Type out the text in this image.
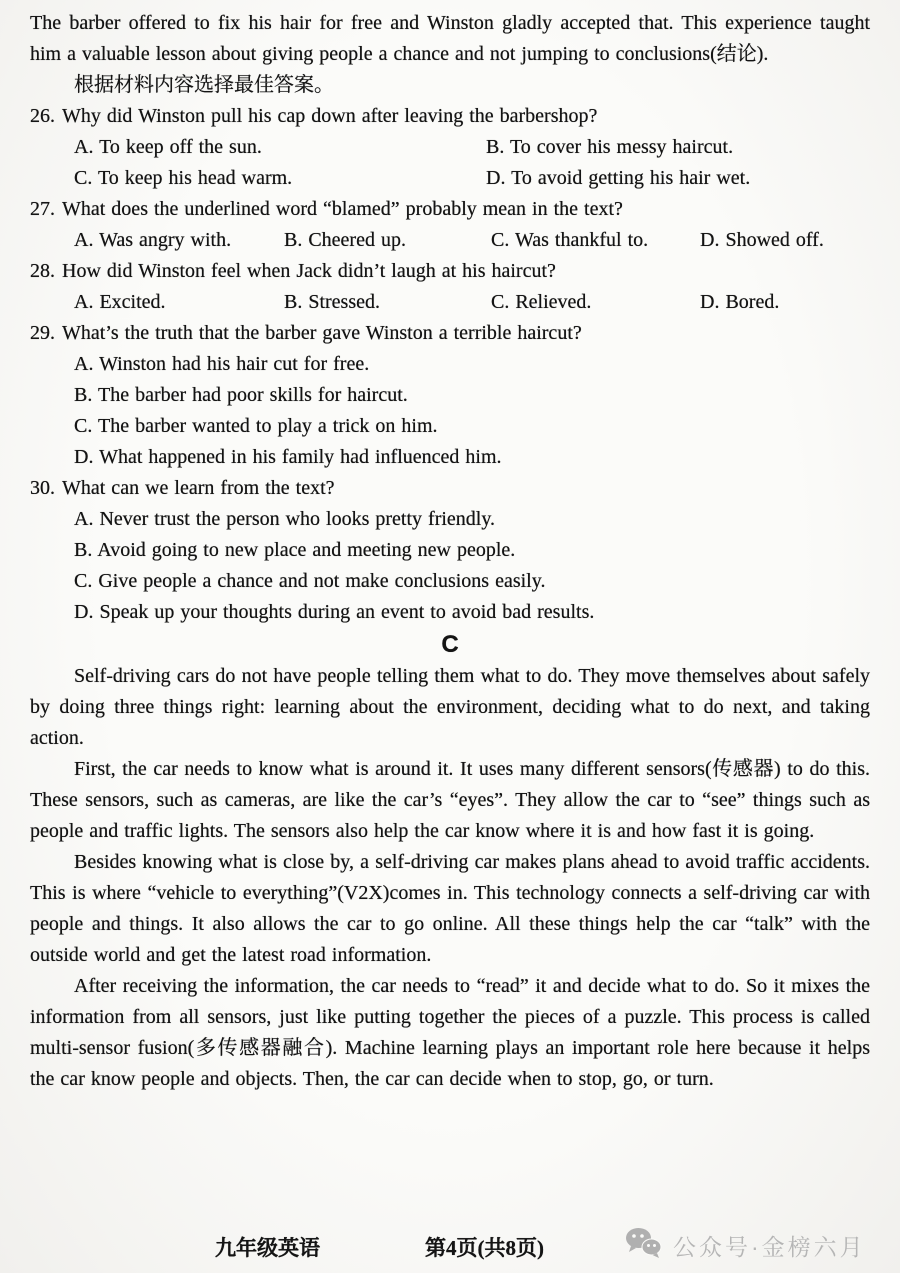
The barber offered to fix his hair for free and Winston gladly accepted that. This experience taught him a valuable lesson about giving people a chance and not jumping to conclusions(结论).

根据材料内容选择最佳答案。
26. Why did Winston pull his cap down after leaving the barbershop?
A. To keep off the sun.	B. To cover his messy haircut.
C. To keep his head warm.	D. To avoid getting his hair wet.
27. What does the underlined word “blamed” probably mean in the text?
A. Was angry with.	B. Cheered up.	C. Was thankful to.	D. Showed off.
28. How did Winston feel when Jack didn’t laugh at his haircut?
A. Excited.	B. Stressed.	C. Relieved.	D. Bored.
29. What’s the truth that the barber gave Winston a terrible haircut?
A. Winston had his hair cut for free.
B. The barber had poor skills for haircut.
C. The barber wanted to play a trick on him.
D. What happened in his family had influenced him.
30. What can we learn from the text?
A. Never trust the person who looks pretty friendly.
B. Avoid going to new place and meeting new people.
C. Give people a chance and not make conclusions easily.
D. Speak up your thoughts during an event to avoid bad results.
C

Self-driving cars do not have people telling them what to do. They move themselves about safely by doing three things right: learning about the environment, deciding what to do next, and taking action.

First, the car needs to know what is around it. It uses many different sensors(传感器) to do this. These sensors, such as cameras, are like the car’s “eyes”. They allow the car to “see” things such as people and traffic lights. The sensors also help the car know where it is and how fast it is going.

Besides knowing what is close by, a self-driving car makes plans ahead to avoid traffic accidents. This is where “vehicle to everything”(V2X)comes in. This technology connects a self-driving car with people and things. It also allows the car to go online. All these things help the car “talk” with the outside world and get the latest road information.

After receiving the information, the car needs to “read” it and decide what to do. So it mixes the information from all sensors, just like putting together the pieces of a puzzle. This process is called multi-sensor fusion(多传感器融合). Machine learning plays an important role here because it helps the car know people and objects. Then, the car can decide when to stop, go, or turn.

九年级英语	第4页(共8页)	公众号·金榜六月
